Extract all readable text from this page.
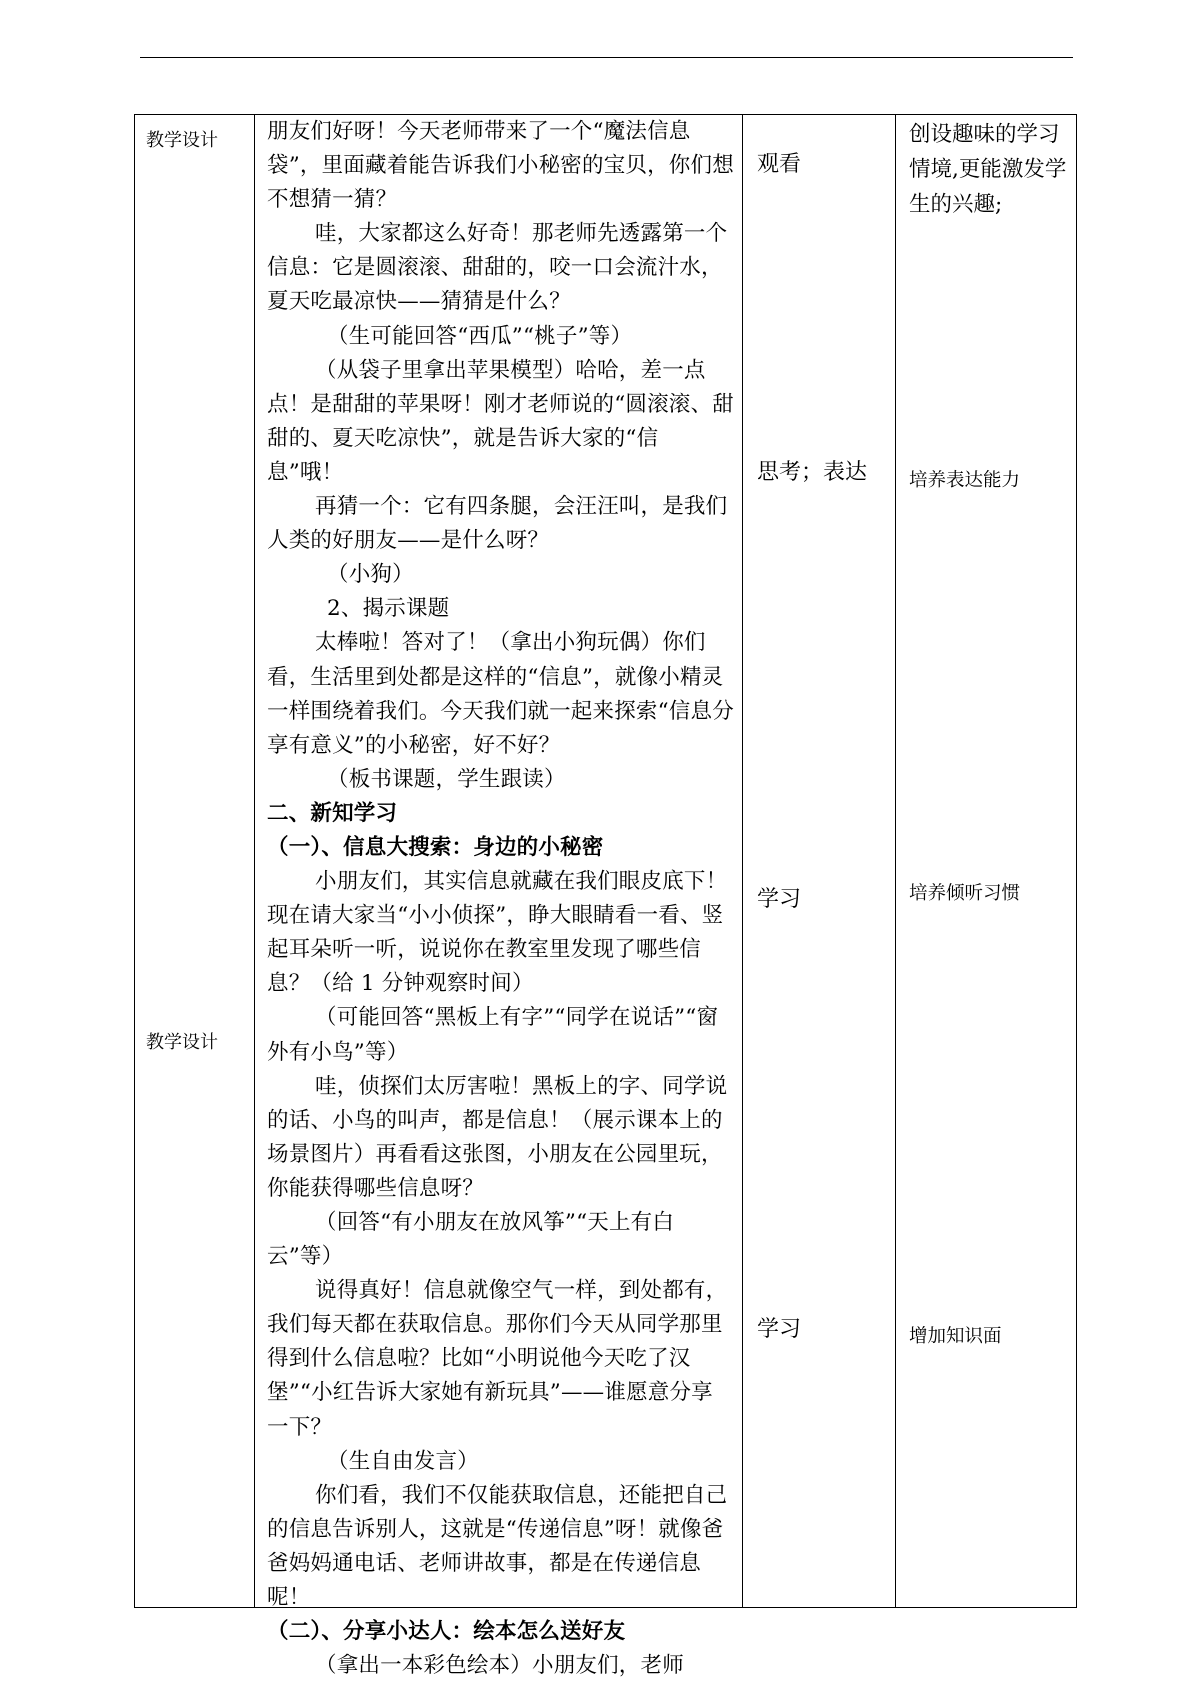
教学设计
教学设计

朋友们好呀！今天老师带来了一个“魔法信息袋”，里面藏着能告诉我们小秘密的宝贝，你们想不想猜一猜？

哇，大家都这么好奇！那老师先透露第一个信息：它是圆滚滚、甜甜的，咬一口会流汁水，夏天吃最凉快——猜猜是什么？

（生可能回答“西瓜”“桃子”等）

（从袋子里拿出苹果模型）哈哈，差一点点！是甜甜的苹果呀！刚才老师说的“圆滚滚、甜甜的、夏天吃凉快”，就是告诉大家的“信息”哦！

再猜一个：它有四条腿，会汪汪叫，是我们人类的好朋友——是什么呀？

（小狗）

2、揭示课题

太棒啦！答对了！（拿出小狗玩偶）你们看，生活里到处都是这样的“信息”，就像小精灵一样围绕着我们。今天我们就一起来探索“信息分享有意义”的小秘密，好不好？

（板书课题，学生跟读）

二、新知学习

（一）、信息大搜索：身边的小秘密

小朋友们，其实信息就藏在我们眼皮底下！现在请大家当“小小侦探”，睁大眼睛看一看、竖起耳朵听一听，说说你在教室里发现了哪些信息？（给 1 分钟观察时间）

（可能回答“黑板上有字”“同学在说话”“窗外有小鸟”等）

哇，侦探们太厉害啦！黑板上的字、同学说的话、小鸟的叫声，都是信息！（展示课本上的场景图片）再看看这张图，小朋友在公园里玩，你能获得哪些信息呀？

（回答“有小朋友在放风筝”“天上有白云”等）

说得真好！信息就像空气一样，到处都有，我们每天都在获取信息。那你们今天从同学那里得到什么信息啦？比如“小明说他今天吃了汉堡”“小红告诉大家她有新玩具”——谁愿意分享一下？

（生自由发言）

你们看，我们不仅能获取信息，还能把自己的信息告诉别人，这就是“传递信息”呀！就像爸爸妈妈通电话、老师讲故事，都是在传递信息呢！

（二）、分享小达人：绘本怎么送好友

（拿出一本彩色绘本）小朋友们，老师

观看
思考；表达
学习
学习
创设趣味的学习情境,更能激发学生的兴趣;
培养表达能力
培养倾听习惯
增加知识面
